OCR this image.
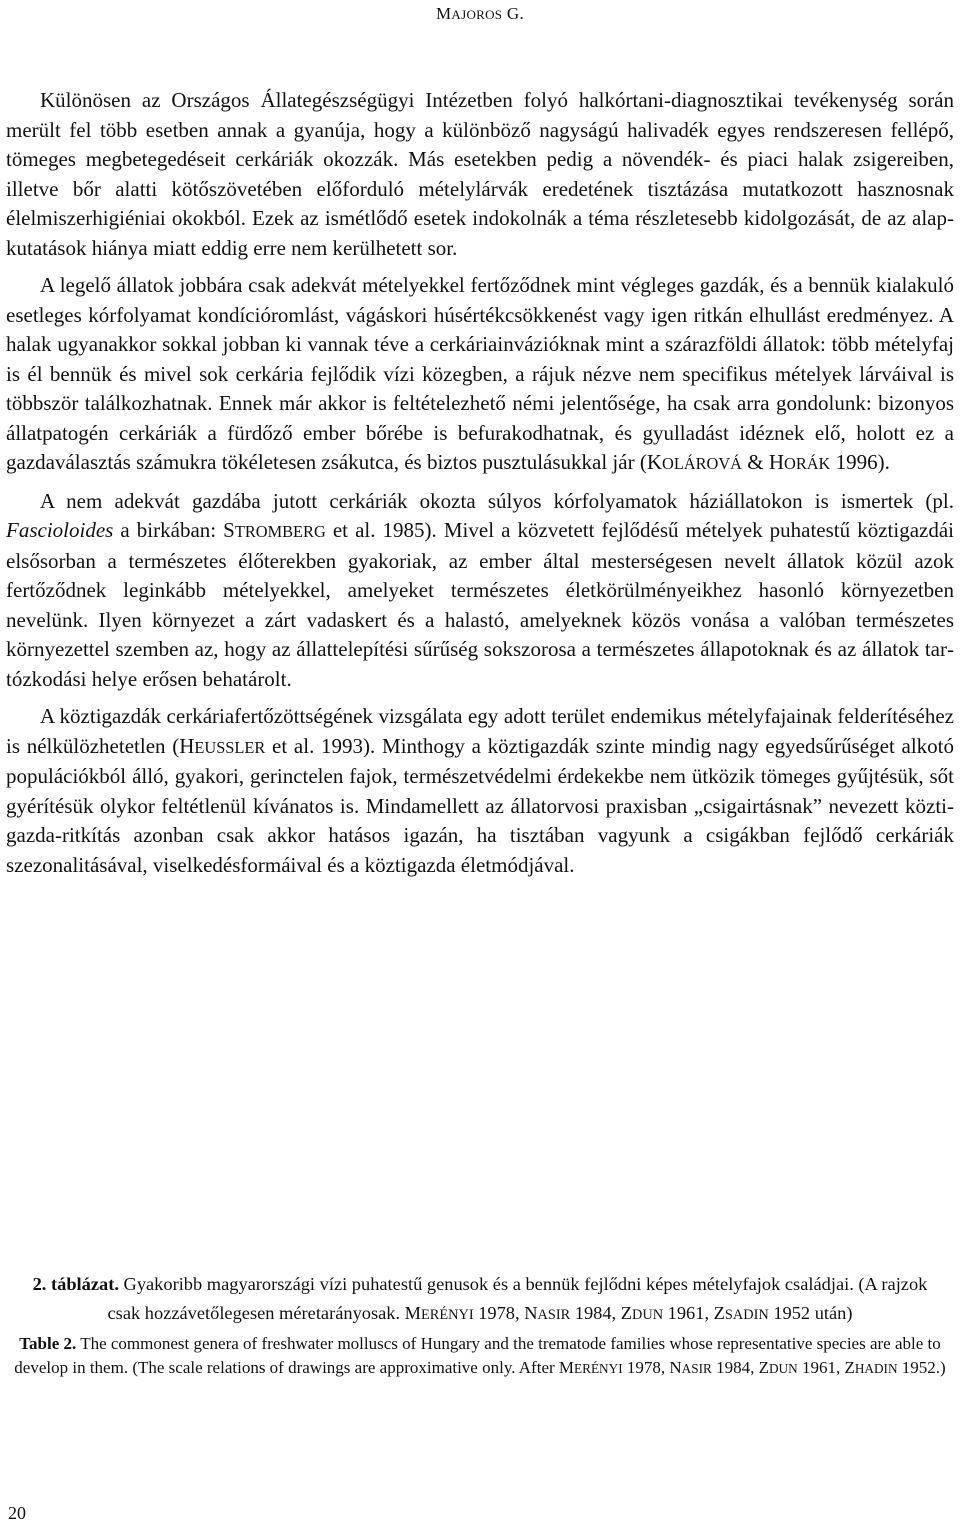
MAJOROS G.

Különösen az Országos Állategészségügyi Intézetben folyó halkórtani-diagnosztikai tevékenység során merült fel több esetben annak a gyanúja, hogy a különböző nagyságú halivadék egyes rendszeresen fellépő, tömeges megbetegedéseit cerkáriák okozzák. Más esetekben pedig a növendék- és piaci halak zsigereiben, illetve bőr alatti kötőszövetében előforduló mételylárvák eredetének tisztázása mutatkozott hasznosnak élelmiszerhigiéniai okokból. Ezek az ismétlődő esetek indokolnák a téma részletesebb kidolgozását, de az alapkutatások hiánya miatt eddig erre nem kerülhetett sor.

A legelő állatok jobbára csak adekvát mételyekkel fertőződnek mint végleges gazdák, és a bennük kialakuló esetleges kórfolyamat kondícióromlást, vágáskori húsértékcsökkenést vagy igen ritkán elhullást eredményez. A halak ugyanakkor sokkal jobban ki vannak téve a cerkáriainvázióknak mint a szárazföldi állatok: több mételyfaj is él bennük és mivel sok cerkária fejlődik vízi közegben, a rájuk nézve nem specifikus mételyek lárváival is többször találkozhatnak. Ennek már akkor is feltételezhető némi jelentősége, ha csak arra gondolunk: bizonyos állatpatogén cerkáriák a fürdőző ember bőrébe is befurakodhatnak, és gyulladást idéznek elő, holott ez a gazdaválasztás számukra tökéletesen zsákutca, és biztos pusztulásukkal jár (KOLÁROVÁ & HORÁK 1996).

A nem adekvát gazdába jutott cerkáriák okozta súlyos kórfolyamatok háziállatokon is ismertek (pl. Fascioloides a birkában: STROMBERG et al. 1985). Mivel a közvetett fejlődésű mételyek puhatestű köztigazdái elsősorban a természetes élőterekben gyakoriak, az ember által mesterségesen nevelt állatok közül azok fertőződnek leginkább mételyekkel, amelyeket természetes életkörülményeikhez hasonló környezetben nevelünk. Ilyen környezet a zárt vadaskert és a halastó, amelyeknek közös vonása a valóban természetes környezettel szemben az, hogy az állattelepítési sűrűség sokszorosa a természetes állapotoknak és az állatok tartózkodási helye erősen behatárolt.

A köztigazdák cerkáriafertőzöttségének vizsgálata egy adott terület endemikus mételyfajainak felderítéséhez is nélkülözhetetlen (HEUSSLER et al. 1993). Minthogy a köztigazdák szinte mindig nagy egyedsűrűséget alkotó populációkból álló, gyakori, gerinctelen fajok, természetvédelmi érdekekbe nem ütközik tömeges gyűjtésük, sőt gyérítésük olykor feltétlenül kívánatos is. Mindamellett az állatorvosi praxisban „csigairtásnak” nevezett köztigazda-ritkítás azonban csak akkor hatásos igazán, ha tisztában vagyunk a csigákban fejlődő cerkáriák szezonalitásával, viselkedésformáival és a köztigazda életmódjával.

2. táblázat. Gyakoribb magyarországi vízi puhatestű genusok és a bennük fejlődni képes mételyfajok családjai. (A rajzok csak hozzávetőlegesen méretarányosak. MERÉNYI 1978, NASIR 1984, ZDUN 1961, ZSADIN 1952 után)

Table 2. The commonest genera of freshwater molluscs of Hungary and the trematode families whose representative species are able to develop in them. (The scale relations of drawings are approximative only. After MERÉNYI 1978, NASIR 1984, ZDUN 1961, ZHADIN 1952.)

20
